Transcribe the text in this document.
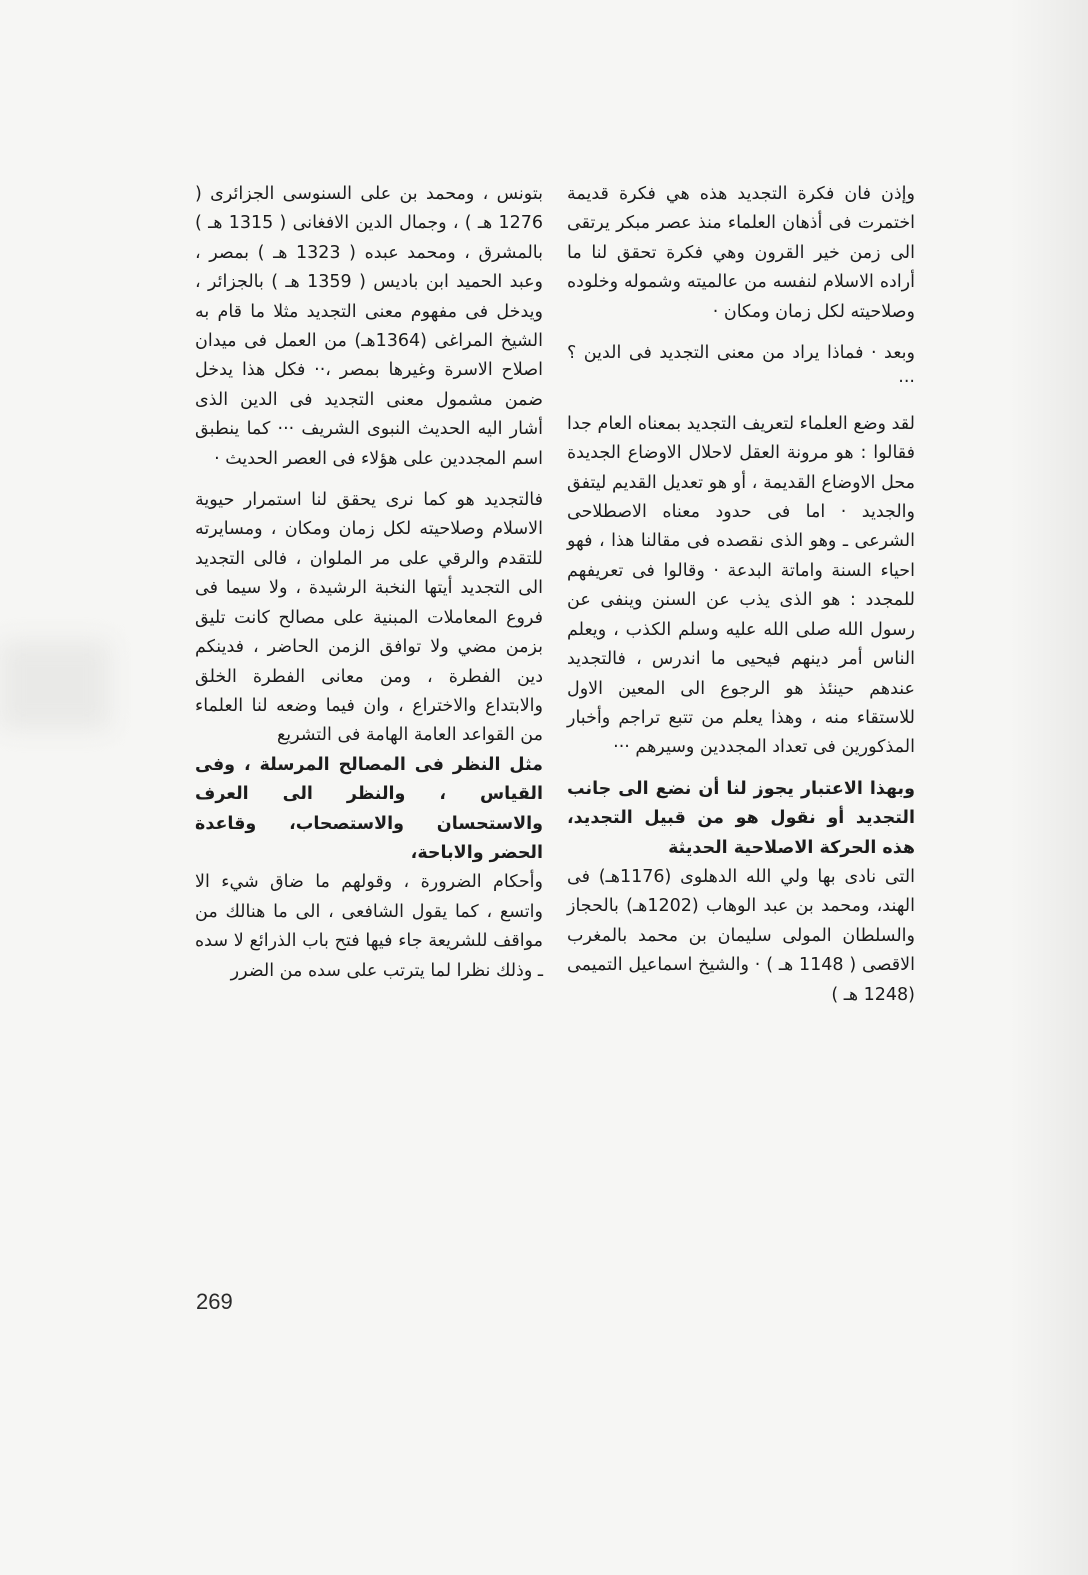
وإذن فان فكرة التجديد هذه هي فكرة قديمة اختمرت فى أذهان العلماء منذ عصر مبكر يرتقى الى زمن خير القرون وهي فكرة تحقق لنا ما أراده الاسلام لنفسه من عالميته وشموله وخلوده وصلاحيته لكل زمان ومكان ·

وبعد · فماذا يراد من معنى التجديد فى الدين ؟ ···

لقد وضع العلماء لتعريف التجديد بمعناه العام جدا فقالوا : هو مرونة العقل لاحلال الاوضاع الجديدة محل الاوضاع القديمة ، أو هو تعديل القديم ليتفق والجديد · اما فى حدود معناه الاصطلاحى الشرعى ـ وهو الذى نقصده فى مقالنا هذا ، فهو احياء السنة واماتة البدعة · وقالوا فى تعريفهم للمجدد : هو الذى يذب عن السنن وينفى عن رسول الله صلى الله عليه وسلم الكذب ، ويعلم الناس أمر دينهم فيحيى ما اندرس ، فالتجديد عندهم حينئذ هو الرجوع الى المعين الاول للاستقاء منه ، وهذا يعلم من تتبع تراجم وأخبار المذكورين فى تعداد المجددين وسيرهم ···

وبهذا الاعتبار يجوز لنا أن نضع الى جانب التجديد أو نقول هو من قبيل التجديد، هذه الحركة الاصلاحية الحديثة

التى نادى بها ولي الله الدهلوى (1176هـ) فى الهند، ومحمد بن عبد الوهاب (1202هـ) بالحجاز والسلطان المولى سليمان بن محمد بالمغرب الاقصى ( 1148 هـ ) · والشيخ اسماعيل التميمى (1248 هـ )

بتونس ، ومحمد بن على السنوسى الجزائرى ( 1276 هـ ) ، وجمال الدين الافغانى ( 1315 هـ ) بالمشرق ، ومحمد عبده ( 1323 هـ ) بمصر ، وعبد الحميد ابن باديس ( 1359 هـ ) بالجزائر ، ويدخل فى مفهوم معنى التجديد مثلا ما قام به الشيخ المراغى (1364هـ) من العمل فى ميدان اصلاح الاسرة وغيرها بمصر ،·· فكل هذا يدخل ضمن مشمول معنى التجديد فى الدين الذى أشار اليه الحديث النبوى الشريف ··· كما ينطبق اسم المجددين على هؤلاء فى العصر الحديث ·

فالتجديد هو كما نرى يحقق لنا استمرار حيوية الاسلام وصلاحيته لكل زمان ومكان ، ومسايرته للتقدم والرقي على مر الملوان ، فالى التجديد الى التجديد أيتها النخبة الرشيدة ، ولا سيما فى فروع المعاملات المبنية على مصالح كانت تليق بزمن مضي ولا توافق الزمن الحاضر ، فدينكم دين الفطرة ، ومن معانى الفطرة الخلق والابتداع والاختراع ، وان فيما وضعه لنا العلماء من القواعد العامة الهامة فى التشريع

مثل النظر فى المصالح المرسلة ، وفى القياس ، والنظر الى العرف والاستحسان والاستصحاب، وقاعدة الحضر والاباحة،

وأحكام الضرورة ، وقولهم ما ضاق شيء الا واتسع ، كما يقول الشافعى ، الى ما هنالك من مواقف للشريعة جاء فيها فتح باب الذرائع لا سده ـ وذلك نظرا لما يترتب على سده من الضرر

269
